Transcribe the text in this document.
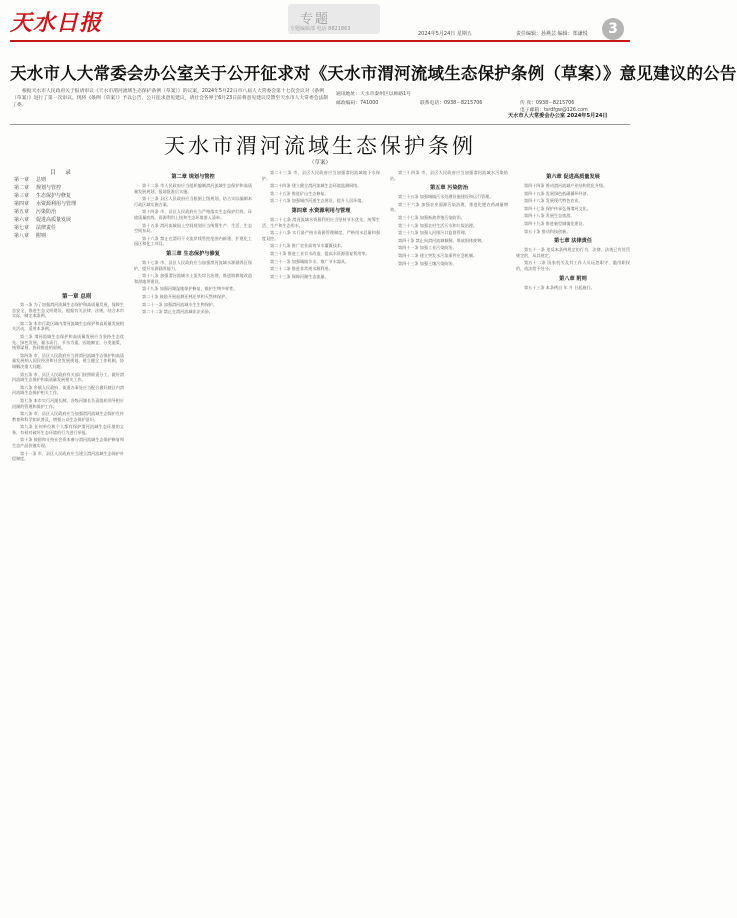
天水日报	专题
专题编辑部 电话 8821863
2024年5月24日 星期五	责任编辑：孙燕芸 编辑：郑谦悦	3
天水市人大常委会办公室关于公开征求对《天水市渭河流域生态保护条例（草案）》意见建议的公告
根据天水市人民政府关于报请审议《天水市渭河流域生态保护条例（草案）》的议案，2024年5月22日市八届人大常委会第十七次会议对《条例（草案）》进行了第一次审议。现将《条例（草案）》予以公告，公开征求意见建议，请社会各界于6月23日前将意见建议反馈至天水市人大常委会法制工委。
通讯地址：天水市秦州区以师路1号
邮政编码：741000	联系电话：0938－8215706	传 真：0938－8215706
电子邮箱：tsrdfgw@126.com
天水市人大常委会办公室 2024年5月24日
天水市渭河流域生态保护条例
（草案）
目 录
第一章 总则
第二章 规划与管控
第三章 生态保护与修复
第四章 水资源利用与管理
第五章 污染防治
第六章 促进高质量发展
第七章 法律责任
第八章 附则
第一章 总则

第一条 为了加强渭河流域生态保护和高质量发展，保障生态安全，推进生态文明建设，根据有关法律、法规，结合本市实际，制定本条例。

第二条 本市行政区域内渭河流域生态保护和高质量发展相关活动，适用本条例。

第三条 渭河流域生态保护和高质量发展应当坚持生态优先、绿色发展，量水而行、节水为重，因地制宜、分类施策，统筹谋划、协同推进的原则。

第四条 市、县区人民政府应当将渭河流域生态保护和高质量发展纳入国民经济和社会发展规划，建立健全工作机制，协调解决重大问题。

第五条 市、县区人民政府有关部门按照职责分工，做好渭河流域生态保护和高质量发展相关工作。

第六条 乡镇人民政府、街道办事处应当配合做好辖区内渭河流域生态保护相关工作。

第七条 本市实行河湖长制，各级河湖长负责组织领导相应河湖的管理和保护工作。

第八条 市、县区人民政府应当加强渭河流域生态保护宣传教育和科学知识普及，增强公众生态保护意识。

第九条 任何单位和个人都有保护渭河流域生态环境的义务，有权对破坏生态环境的行为进行举报。

第十条 鼓励和支持社会资本参与渭河流域生态保护修复和生态产品价值实现。

第十一条 市、县区人民政府应当建立渭河流域生态保护补偿制度。

第二章 规划与管控

第十二条 市人民政府应当组织编制渭河流域生态保护和高质量发展规划，报请批准后实施。

第十三条 县区人民政府应当根据上级规划，结合实际编制本行政区域实施方案。

第十四条 市、县区人民政府应当严格落实生态保护红线、环境质量底线、资源利用上线和生态环境准入清单。

第十五条 渭河流域国土空间规划应当统筹生产、生活、生态空间布局。

第十六条 禁止在渭河干支流岸线管控范围内新建、扩建化工园区和化工项目。

第三章 生态保护与修复

第十七条 市、县区人民政府应当加强渭河流域水源涵养区保护，提升水源涵养能力。

第十八条 加强渭河流域水土流失综合治理，推进坡耕地改造和淤地坝建设。

第十九条 加强河湖湿地保护修复，维护生物多样性。

第二十条 鼓励开展退耕还林还草和天然林保护。

第二十一条 加强渭河流域水生生物保护。

第二十二条 禁止在渭河流域非法采砂。

第二十三条 市、县区人民政府应当加强渭河流域地下水保护。

第二十四条 建立健全渭河流域生态环境监测网络。

第二十五条 推进矿山生态修复。

第二十六条 加强城市河道生态建设，提升人居环境。

第四章 水资源利用与管理

第二十七条 渭河流域水资源利用应当坚持节水优先，统筹生活、生产和生态用水。

第二十八条 实行最严格水资源管理制度，严格用水总量和强度双控。

第二十九条 推广农业高效节水灌溉技术。

第三十条 推进工业节水改造，提高水资源重复利用率。

第三十一条 加强城镇节水，推广节水器具。

第三十二条 推进非常规水源利用。

第三十三条 保障河湖生态流量。

第三十四条 市、县区人民政府应当加强渭河流域水污染防治。

第五章 污染防治

第三十五条 加强城镇污水处理设施建设和运行管理。

第三十六条 加强农业面源污染治理，推进化肥农药减量增效。

第三十七条 加强畜禽养殖污染防治。

第三十八条 加强农村生活污水和垃圾治理。

第三十九条 加强入河排污口监督管理。

第四十条 禁止向渭河流域倾倒、堆放固体废物。

第四十一条 加强工业污染防治。

第四十二条 建立突发水污染事件应急机制。

第四十三条 加强土壤污染防治。

第六章 促进高质量发展

第四十四条 推动渭河流域产业结构优化升级。

第四十五条 发展绿色低碳循环经济。

第四十六条 发展现代特色农业。

第四十七条 保护传承弘扬渭河文化。

第四十八条 发展生态旅游。

第四十九条 推进新型城镇化建设。

第五十条 推动科技创新。

第七章 法律责任

第五十一条 违反本条例规定的行为，法律、法规已有处罚规定的，从其规定。

第五十二条 国家机关及其工作人员玩忽职守、滥用职权的，依法给予处分。

第八章 附则

第五十三条 本条例自 年 月 日起施行。
